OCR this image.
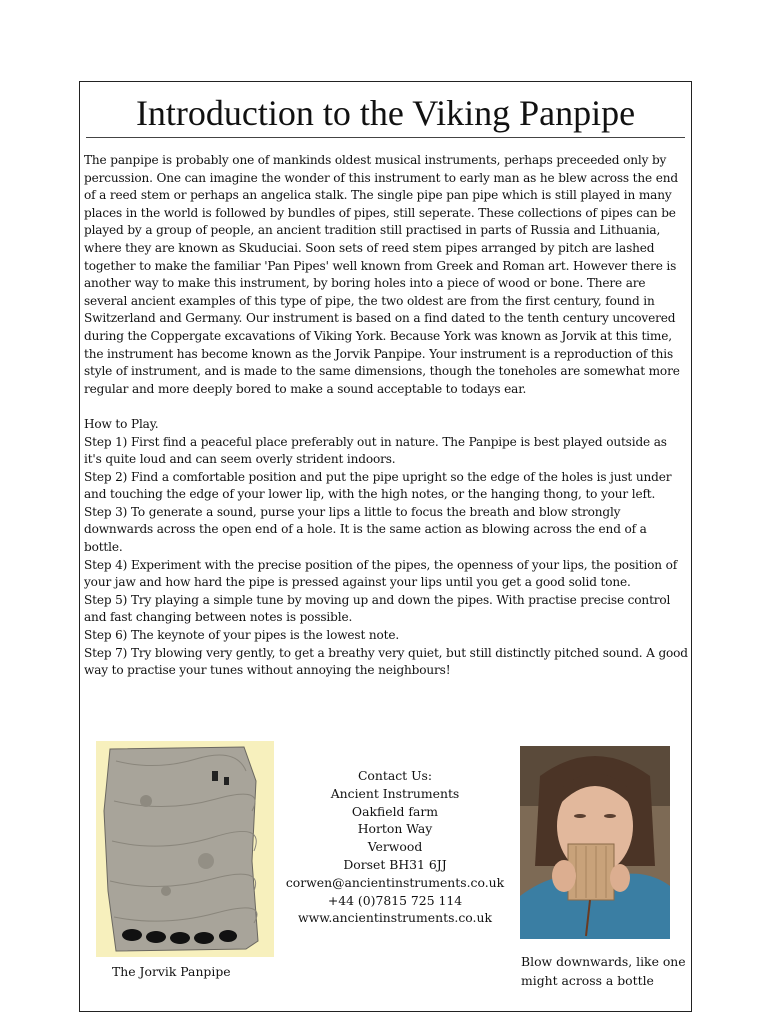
Introduction to the Viking Panpipe

The panpipe is probably one of mankinds oldest musical instruments, perhaps preceeded only by percussion. One can imagine the wonder of this instrument to early man as he blew across the end of a reed stem or perhaps an angelica stalk. The single pipe pan pipe which is still played in many places in the world is followed by bundles of pipes, still seperate. These collections of pipes can be played by a group of people, an ancient tradition still practised in parts of Russia and Lithuania, where they are known as Skuduciai. Soon sets of reed stem pipes arranged by pitch are lashed together to make the familiar 'Pan Pipes' well known from Greek and Roman art. However there is another way to make this instrument, by boring holes into a piece of wood or bone. There are several ancient examples of this type of pipe, the two oldest are from the first century, found in Switzerland and Germany. Our instrument is based on a find dated to the tenth century uncovered during the Coppergate excavations of Viking York. Because York was known as Jorvik at this time, the instrument has become known as the Jorvik Panpipe. Your instrument is a reproduction of this style of instrument, and is made to the same dimensions, though the toneholes are somewhat more regular and more deeply bored to make a sound acceptable to todays ear.

How to Play.

Step 1) First find a peaceful place preferably out in nature. The Panpipe is best played outside as it's quite loud and can seem overly strident indoors.

Step 2) Find a comfortable position and put the pipe upright so the edge of the holes is just under and touching the edge of your lower lip, with the high notes, or the hanging thong, to your left.

Step 3) To generate a sound, purse your lips a little to focus the breath and blow strongly downwards across the open end of a hole. It is the same action as blowing across the end of a bottle.

Step 4) Experiment with the precise position of the pipes, the openness of your lips, the position of your jaw and how hard the pipe is pressed against your lips until you get a good solid tone.

Step 5) Try playing a simple tune by moving up and down the pipes. With practise precise control and fast changing between notes is possible.

Step 6) The keynote of your pipes is the lowest note.

Step 7) Try blowing very gently, to get a breathy very quiet, but still distinctly pitched sound. A good way to practise your tunes without annoying the neighbours!

The Jorvik Panpipe
Contact Us:
Ancient Instruments
Oakfield farm
Horton Way
Verwood
Dorset BH31 6JJ
corwen@ancientinstruments.co.uk
+44 (0)7815 725 114
www.ancientinstruments.co.uk
Blow downwards, like one might across a bottle
